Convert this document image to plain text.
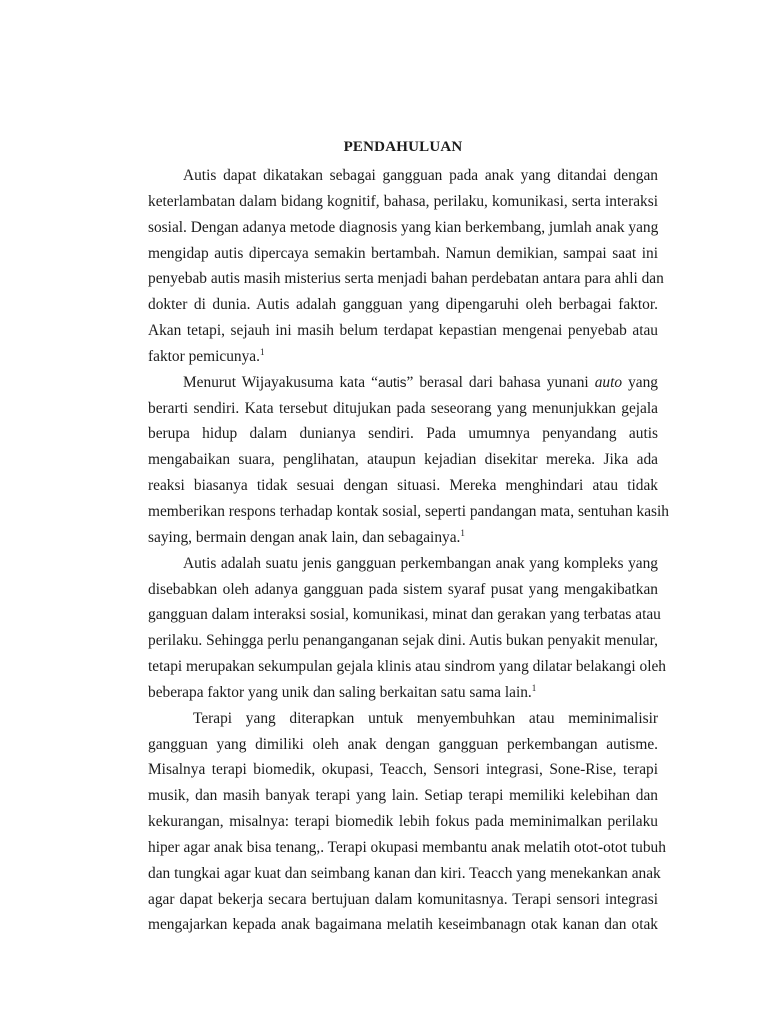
PENDAHULUAN
Autis dapat dikatakan sebagai gangguan pada anak yang ditandai dengan
keterlambatan dalam bidang kognitif, bahasa, perilaku, komunikasi, serta interaksi
sosial. Dengan adanya metode diagnosis yang kian berkembang, jumlah anak yang
mengidap autis dipercaya semakin bertambah. Namun demikian, sampai saat ini
penyebab autis masih misterius serta menjadi bahan perdebatan antara para ahli dan
dokter di dunia. Autis adalah gangguan yang dipengaruhi oleh berbagai faktor.
Akan tetapi, sejauh ini masih belum terdapat kepastian mengenai penyebab atau
faktor pemicunya.$^1$
Menurut Wijayakusuma kata “autis” berasal dari bahasa yunani auto yang
berarti sendiri. Kata tersebut ditujukan pada seseorang yang menunjukkan gejala
berupa hidup dalam dunianya sendiri. Pada umumnya penyandang autis
mengabaikan suara, penglihatan, ataupun kejadian disekitar mereka. Jika ada
reaksi biasanya tidak sesuai dengan situasi. Mereka menghindari atau tidak
memberikan respons terhadap kontak sosial, seperti pandangan mata, sentuhan kasih
saying, bermain dengan anak lain, dan sebagainya.$^1$
Autis adalah suatu jenis gangguan perkembangan anak yang kompleks yang
disebabkan oleh adanya gangguan pada sistem syaraf pusat yang mengakibatkan
gangguan dalam interaksi sosial, komunikasi, minat dan gerakan yang terbatas atau
perilaku. Sehingga perlu penanganganan sejak dini. Autis bukan penyakit menular,
tetapi merupakan sekumpulan gejala klinis atau sindrom yang dilatar belakangi oleh
beberapa faktor yang unik dan saling berkaitan satu sama lain.$^1$
Terapi yang diterapkan untuk menyembuhkan atau meminimalisir
gangguan yang dimiliki oleh anak dengan gangguan perkembangan autisme.
Misalnya terapi biomedik, okupasi, Teacch, Sensori integrasi, Sone-Rise, terapi
musik, dan masih banyak terapi yang lain. Setiap terapi memiliki kelebihan dan
kekurangan, misalnya: terapi biomedik lebih fokus pada meminimalkan perilaku
hiper agar anak bisa tenang,. Terapi okupasi membantu anak melatih otot-otot tubuh
dan tungkai agar kuat dan seimbang kanan dan kiri. Teacch yang menekankan anak
agar dapat bekerja secara bertujuan dalam komunitasnya. Terapi sensori integrasi
mengajarkan kepada anak bagaimana melatih keseimbanagn otak kanan dan otak
